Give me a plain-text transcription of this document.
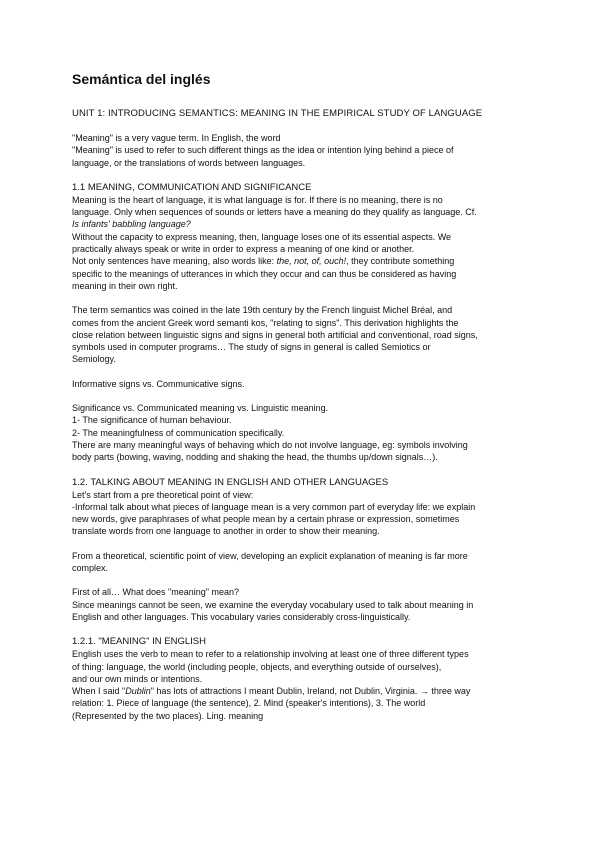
Semántica del inglés
UNIT 1: INTRODUCING SEMANTICS: MEANING IN THE EMPIRICAL STUDY OF LANGUAGE

"Meaning" is a very vague term. In English, the word

"Meaning" is used to refer to such different things as the idea or intention lying behind a piece of

language, or the translations of words between languages.

1.1 MEANING, COMMUNICATION AND SIGNIFICANCE

Meaning is the heart of language, it is what language is for. If there is no meaning, there is no

language. Only when sequences of sounds or letters have a meaning do they qualify as language. Cf.

Is infants' babbling language?

Without the capacity to express meaning, then, language loses one of its essential aspects. We

practically always speak or write in order to express a meaning of one kind or another.

Not only sentences have meaning, also words like: the, not, of, ouch!, they contribute something

specific to the meanings of utterances in which they occur and can thus be considered as having

meaning in their own right.

The term semantics was coined in the late 19th century by the French linguist Michel Bréal, and

comes from the ancient Greek word semanti kos, "relating to signs". This derivation highlights the

close relation between linguistic signs and signs in general both artificial and conventional, road signs,

symbols used in computer programs… The study of signs in general is called Semiotics or

Semiology.

Informative signs vs. Communicative signs.

Significance vs. Communicated meaning vs. Linguistic meaning.

1- The significance of human behaviour.

2- The meaningfulness of communication specifically.

There are many meaningful ways of behaving which do not involve language, eg: symbols involving

body parts (bowing, waving, nodding and shaking the head, the thumbs up/down signals…).

1.2. TALKING ABOUT MEANING IN ENGLISH AND OTHER LANGUAGES

Let's start from a pre theoretical point of view:

-Informal talk about what pieces of language mean is a very common part of everyday life: we explain

new words, give paraphrases of what people mean by a certain phrase or expression, sometimes

translate words from one language to another in order to show their meaning.

From a theoretical, scientific point of view, developing an explicit explanation of meaning is far more

complex.

First of all… What does "meaning" mean?

Since meanings cannot be seen, we examine the everyday vocabulary used to talk about meaning in

English and other languages. This vocabulary varies considerably cross-linguistically.

1.2.1. "MEANING" IN ENGLISH

English uses the verb to mean to refer to a relationship involving at least one of three different types

of thing: language, the world (including people, objects, and everything outside of ourselves),

and our own minds or intentions.

When I said "Dublin" has lots of attractions I meant Dublin, Ireland, not Dublin, Virginia. → three way

relation: 1. Piece of language (the sentence), 2. Mind (speaker's intentions), 3. The world

(Represented by the two places). Ling. meaning
